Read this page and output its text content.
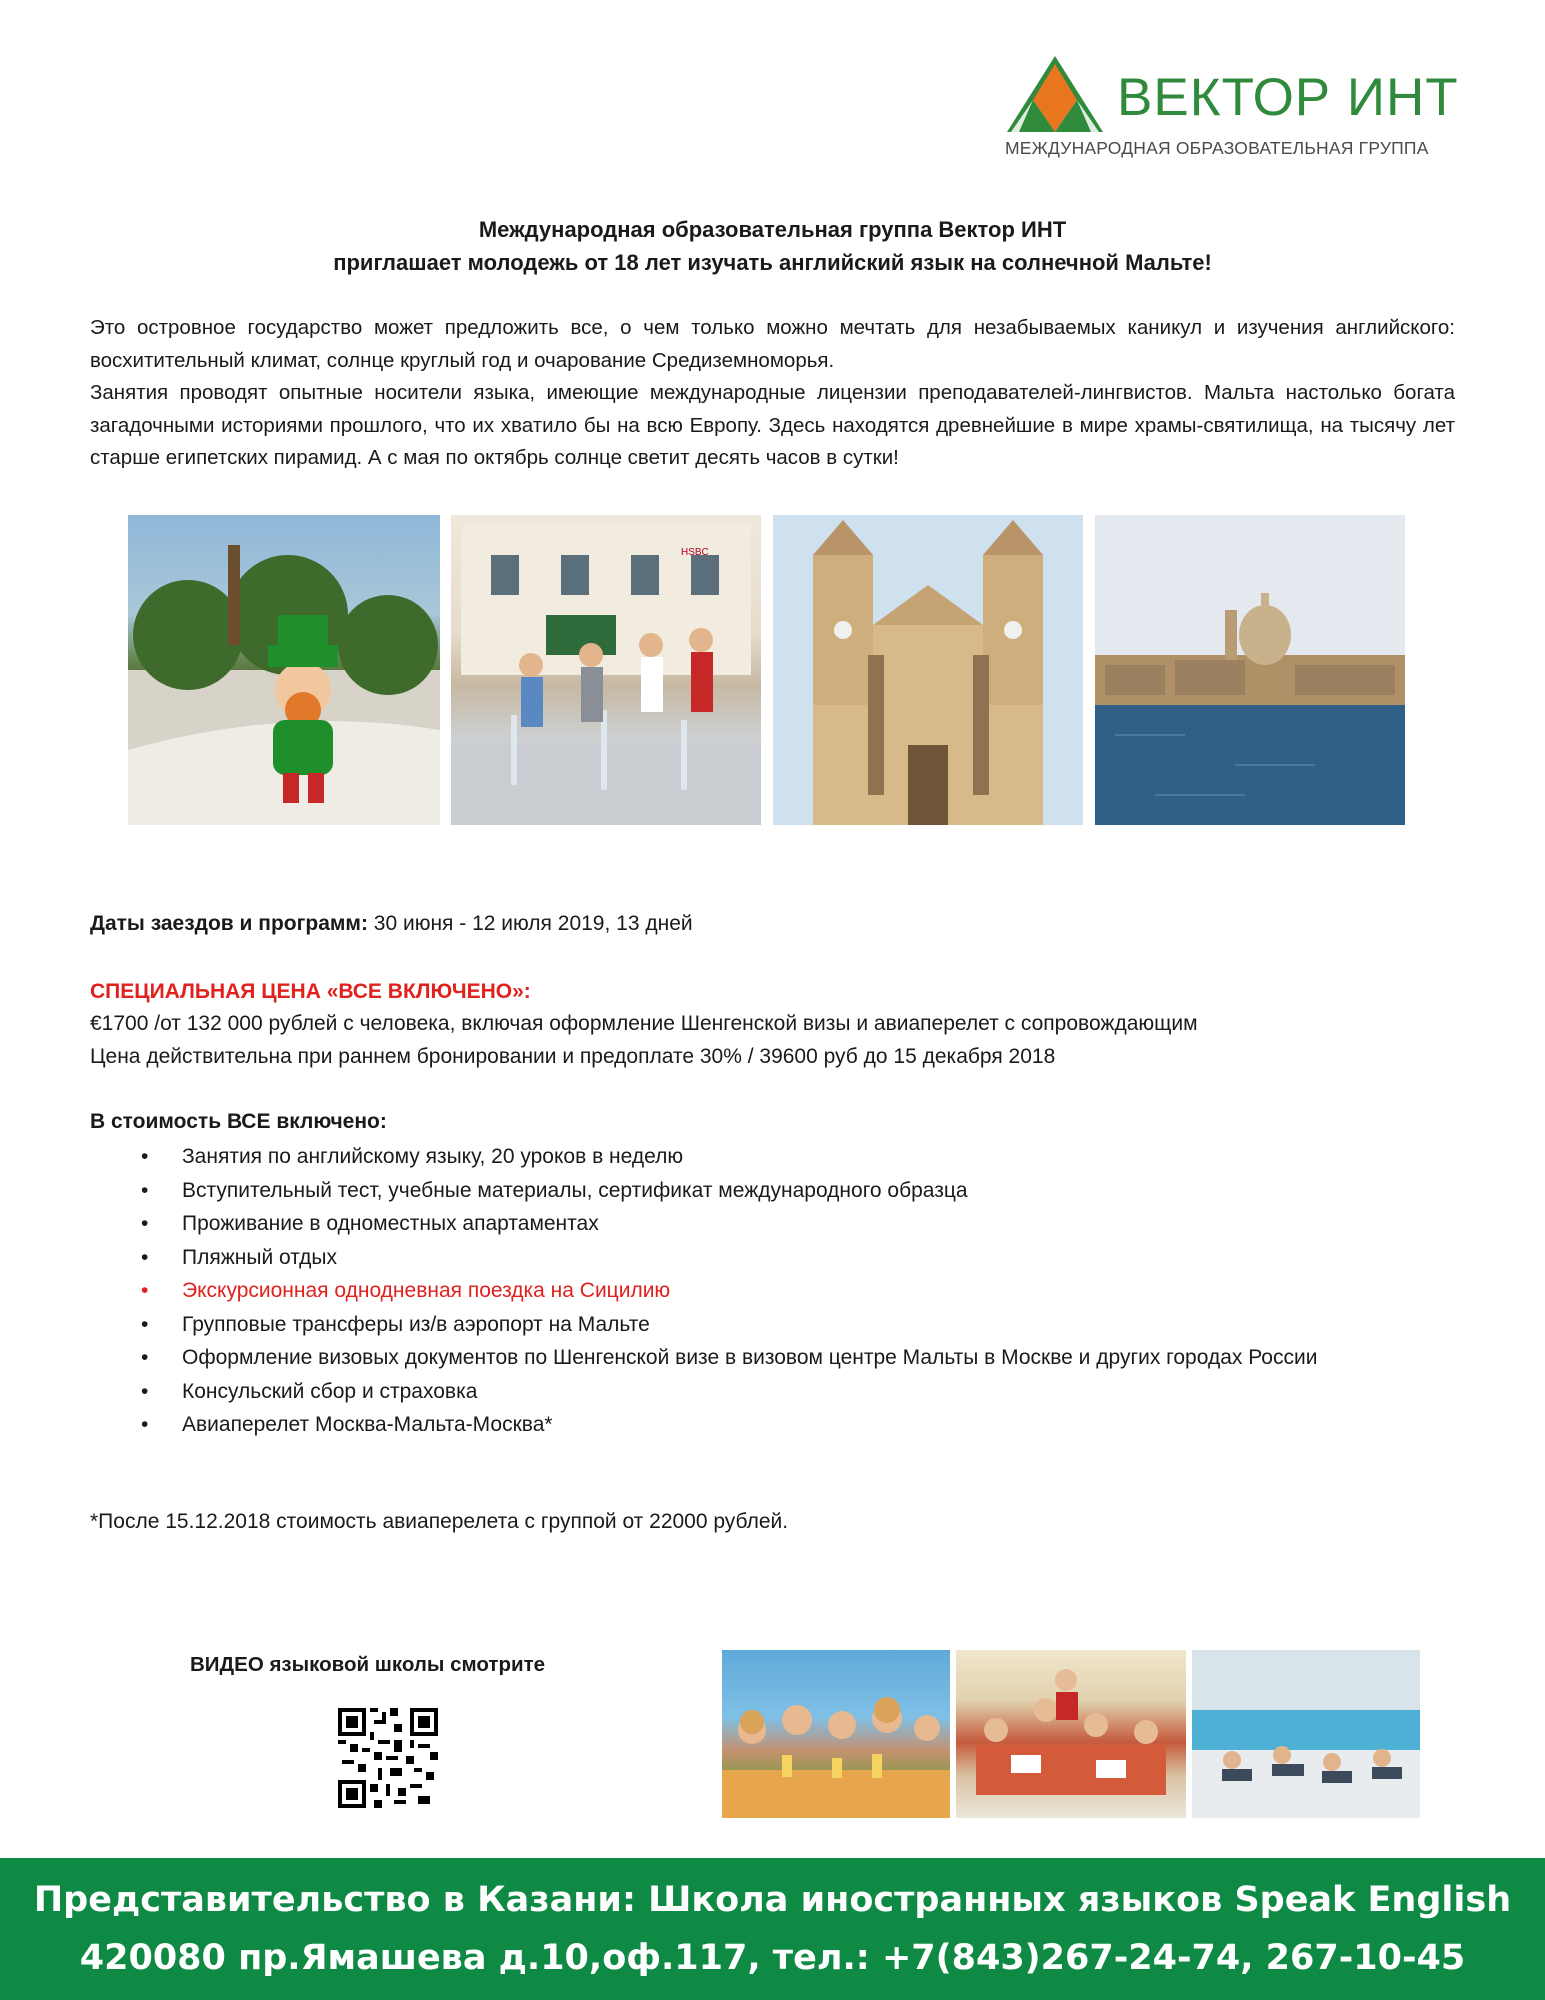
ВЕКТОР ИНТ
МЕЖДУНАРОДНАЯ ОБРАЗОВАТЕЛЬНАЯ ГРУППА
Международная образовательная группа Вектор ИНТ
приглашает молодежь от 18 лет изучать английский язык на солнечной Мальте!

Это островное государство может предложить все, о чем только можно мечтать для незабываемых каникул и изучения английского: восхитительный климат, солнце круглый год и очарование Средиземноморья.

Занятия проводят опытные носители языка, имеющие международные лицензии преподавателей-лингвистов. Мальта настолько богата загадочными историями прошлого, что их хватило бы на всю Европу. Здесь находятся древнейшие в мире храмы-святилища, на тысячу лет старше египетских пирамид. А с мая по октябрь солнце светит десять часов в сутки!

HSBC
Даты заездов и программ: 30 июня - 12 июля 2019, 13 дней
СПЕЦИАЛЬНАЯ ЦЕНА «ВСЕ ВКЛЮЧЕНО»:
€1700 /от 132 000 рублей с человека, включая оформление Шенгенской визы и авиаперелет с сопровождающим
Цена действительна при раннем бронировании и предоплате 30% / 39600 руб до 15 декабря 2018
В стоимость ВСЕ включено:
• Занятия по английскому языку, 20 уроков в неделю
• Вступительный тест, учебные материалы, сертификат международного образца
• Проживание в одноместных апартаментах
• Пляжный отдых
• Экскурсионная однодневная поездка на Сицилию
• Групповые трансферы из/в аэропорт на Мальте
• Оформление визовых документов по Шенгенской визе в визовом центре Мальты в Москве и других городах России
• Консульский сбор и страховка
• Авиаперелет Москва-Мальта-Москва*
*После 15.12.2018 стоимость авиаперелета с группой от 22000 рублей.
ВИДЕО языковой школы смотрите
Представительство в Казани: Школа иностранных языков Speak English
420080 пр.Ямашева д.10,оф.117, тел.: +7(843)267-24-74, 267-10-45
